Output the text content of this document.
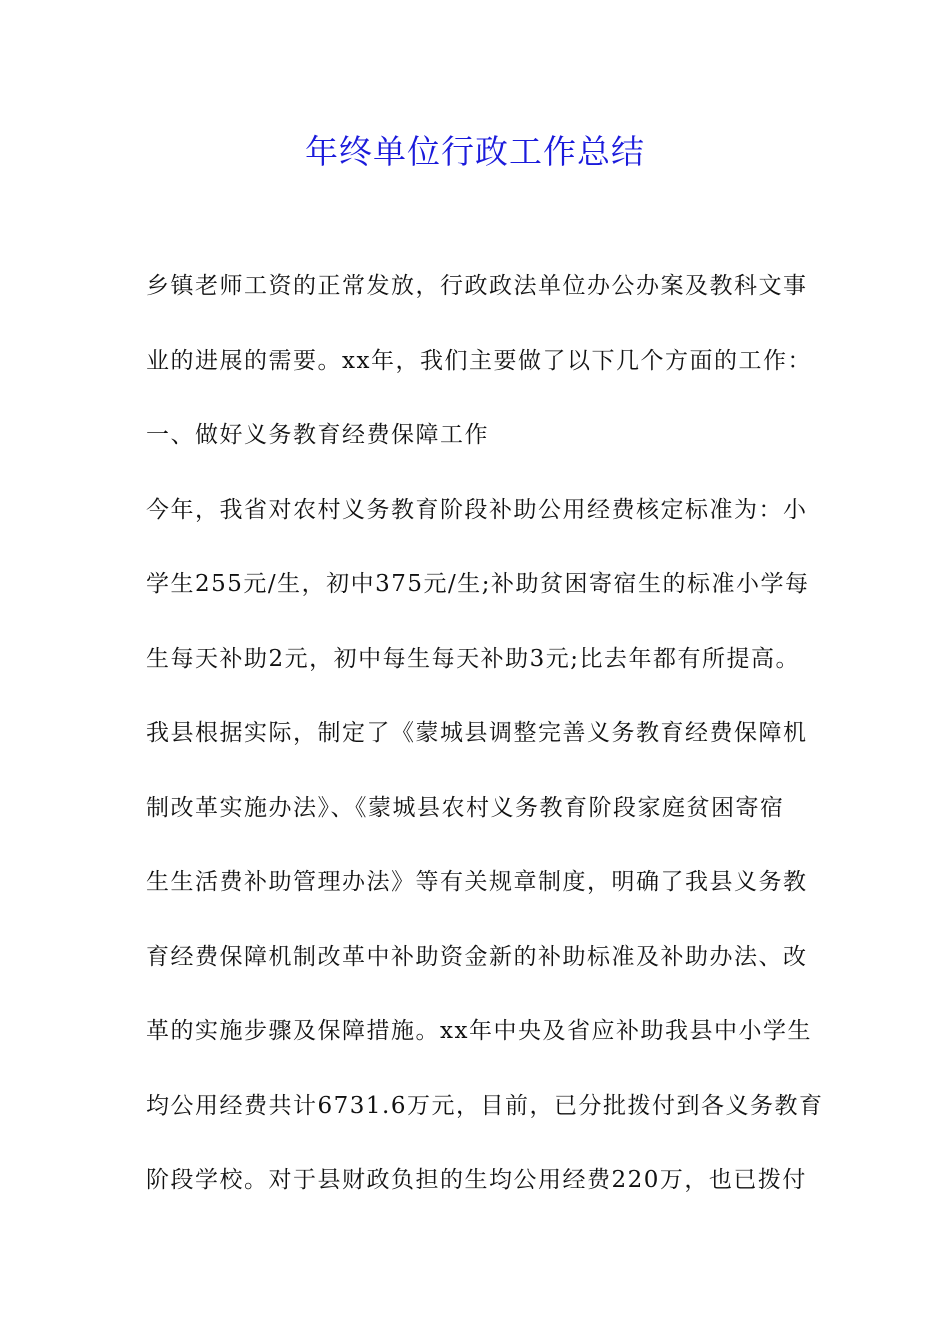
年终单位行政工作总结
乡镇老师工资的正常发放，行政政法单位办公办案及教科文事
业的进展的需要。xx年，我们主要做了以下几个方面的工作：
一、做好义务教育经费保障工作
今年，我省对农村义务教育阶段补助公用经费核定标准为：小
学生255元/生，初中375元/生;补助贫困寄宿生的标准小学每
生每天补助2元，初中每生每天补助3元;比去年都有所提高。
我县根据实际，制定了《蒙城县调整完善义务教育经费保障机
制改革实施办法》、《蒙城县农村义务教育阶段家庭贫困寄宿
生生活费补助管理办法》等有关规章制度，明确了我县义务教
育经费保障机制改革中补助资金新的补助标准及补助办法、改
革的实施步骤及保障措施。xx年中央及省应补助我县中小学生
均公用经费共计6731.6万元，目前，已分批拨付到各义务教育
阶段学校。对于县财政负担的生均公用经费220万，也已拨付
